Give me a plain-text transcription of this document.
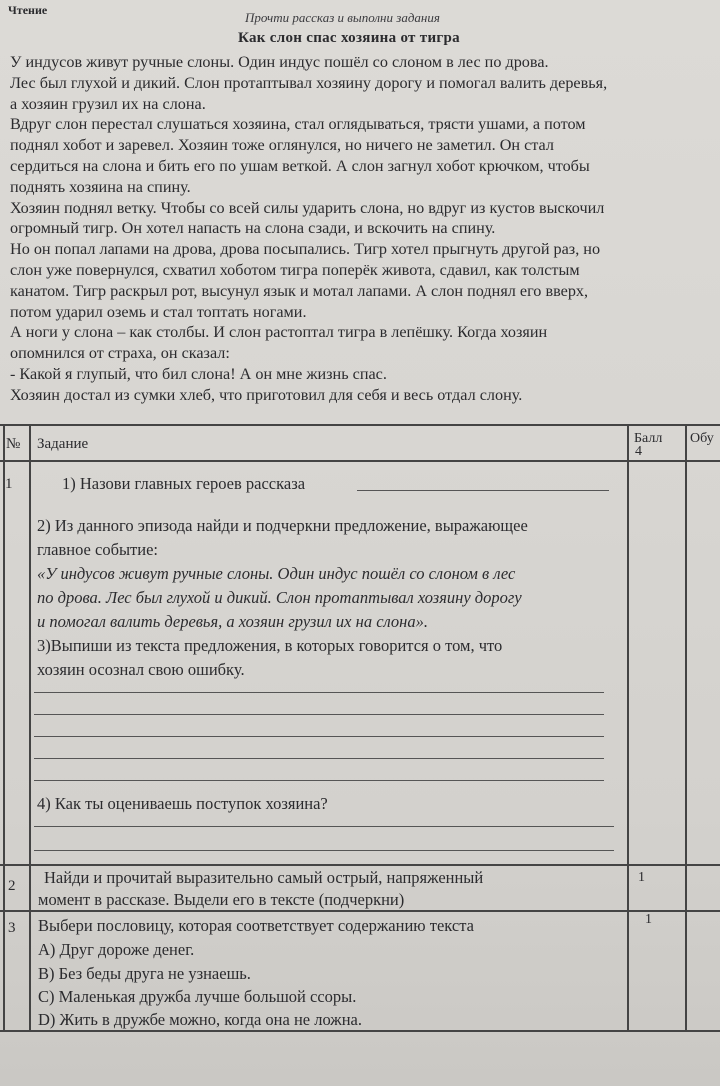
Чтение	Прочти рассказ и выполни задания
Как слон спас хозяина от тигра
У индусов живут ручные слоны. Один индус пошёл со слоном в лес по дрова.
Лес был глухой и дикий. Слон протаптывал хозяину дорогу и помогал валить деревья,
а хозяин грузил их на слона.
Вдруг слон перестал слушаться хозяина, стал оглядываться, трясти ушами, а потом
поднял хобот и заревел. Хозяин тоже оглянулся, но ничего не заметил. Он стал
сердиться на слона и бить его по ушам веткой. А слон загнул хобот крючком, чтобы
поднять хозяина на спину.
Хозяин поднял ветку. Чтобы со всей силы ударить слона, но вдруг из кустов выскочил
огромный тигр. Он хотел напасть на слона сзади, и вскочить на спину.
Но он попал лапами на дрова, дрова посыпались. Тигр хотел прыгнуть другой раз, но
слон уже повернулся, схватил хоботом тигра поперёк живота, сдавил, как толстым
канатом. Тигр раскрыл рот, высунул язык и мотал лапами. А слон поднял его вверх,
потом ударил оземь и стал топтать ногами.
А ноги у слона – как столбы. И слон растоптал тигра в лепёшку. Когда хозяин
опомнился от страха, он сказал:
- Какой я глупый, что бил слона! А он мне жизнь спас.
Хозяин достал из сумки хлеб, что приготовил для себя и весь отдал слону.
№ Задание	Балл Обу
1
4
1) Назови главных героев рассказа
2) Из данного эпизода найди и подчеркни предложение, выражающее
главное событие:
«У индусов живут ручные слоны. Один индус пошёл со слоном в лес
по дрова. Лес был глухой и дикий. Слон протаптывал хозяину дорогу
и помогал валить деревья, а хозяин грузил их на слона».
3)Выпиши из текста предложения, в которых говорится о том, что
хозяин осознал свою ошибку.
4) Как ты оцениваешь поступок хозяина?
2
1
Найди и прочитай выразительно самый острый, напряженный
момент в рассказе. Выдели его в тексте (подчеркни)
3
1
Выбери пословицу, которая соответствует содержанию текста
А) Друг дороже денег.
В) Без беды друга не узнаешь.
С) Маленькая дружба лучше большой ссоры.
D) Жить в дружбе можно, когда она не ложна.
